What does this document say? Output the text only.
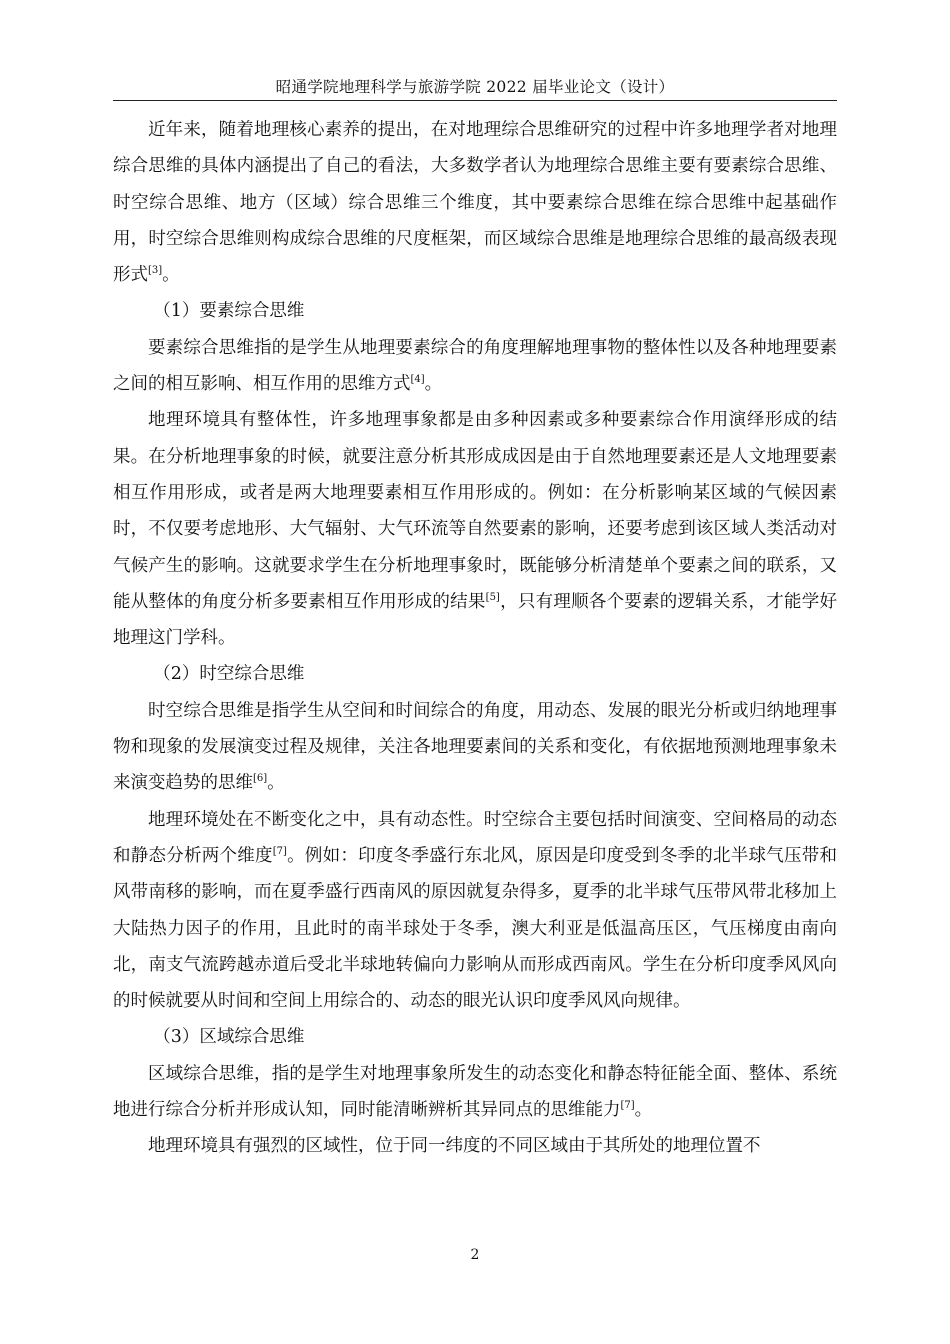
昭通学院地理科学与旅游学院 2022 届毕业论文（设计）

近年来，随着地理核心素养的提出，在对地理综合思维研究的过程中许多地理学者对地理综合思维的具体内涵提出了自己的看法，大多数学者认为地理综合思维主要有要素综合思维、时空综合思维、地方（区域）综合思维三个维度，其中要素综合思维在综合思维中起基础作用，时空综合思维则构成综合思维的尺度框架，而区域综合思维是地理综合思维的最高级表现形式[3]。

（1）要素综合思维

要素综合思维指的是学生从地理要素综合的角度理解地理事物的整体性以及各种地理要素之间的相互影响、相互作用的思维方式[4]。

地理环境具有整体性，许多地理事象都是由多种因素或多种要素综合作用演绎形成的结果。在分析地理事象的时候，就要注意分析其形成成因是由于自然地理要素还是人文地理要素相互作用形成，或者是两大地理要素相互作用形成的。例如：在分析影响某区域的气候因素时，不仅要考虑地形、大气辐射、大气环流等自然要素的影响，还要考虑到该区域人类活动对气候产生的影响。这就要求学生在分析地理事象时，既能够分析清楚单个要素之间的联系，又能从整体的角度分析多要素相互作用形成的结果[5]，只有理顺各个要素的逻辑关系，才能学好地理这门学科。

（2）时空综合思维

时空综合思维是指学生从空间和时间综合的角度，用动态、发展的眼光分析或归纳地理事物和现象的发展演变过程及规律，关注各地理要素间的关系和变化，有依据地预测地理事象未来演变趋势的思维[6]。

地理环境处在不断变化之中，具有动态性。时空综合主要包括时间演变、空间格局的动态和静态分析两个维度[7]。例如：印度冬季盛行东北风，原因是印度受到冬季的北半球气压带和风带南移的影响，而在夏季盛行西南风的原因就复杂得多，夏季的北半球气压带风带北移加上大陆热力因子的作用，且此时的南半球处于冬季，澳大利亚是低温高压区，气压梯度由南向北，南支气流跨越赤道后受北半球地转偏向力影响从而形成西南风。学生在分析印度季风风向的时候就要从时间和空间上用综合的、动态的眼光认识印度季风风向规律。

（3）区域综合思维

区域综合思维，指的是学生对地理事象所发生的动态变化和静态特征能全面、整体、系统地进行综合分析并形成认知，同时能清晰辨析其异同点的思维能力[7]。

地理环境具有强烈的区域性，位于同一纬度的不同区域由于其所处的地理位置不

2
